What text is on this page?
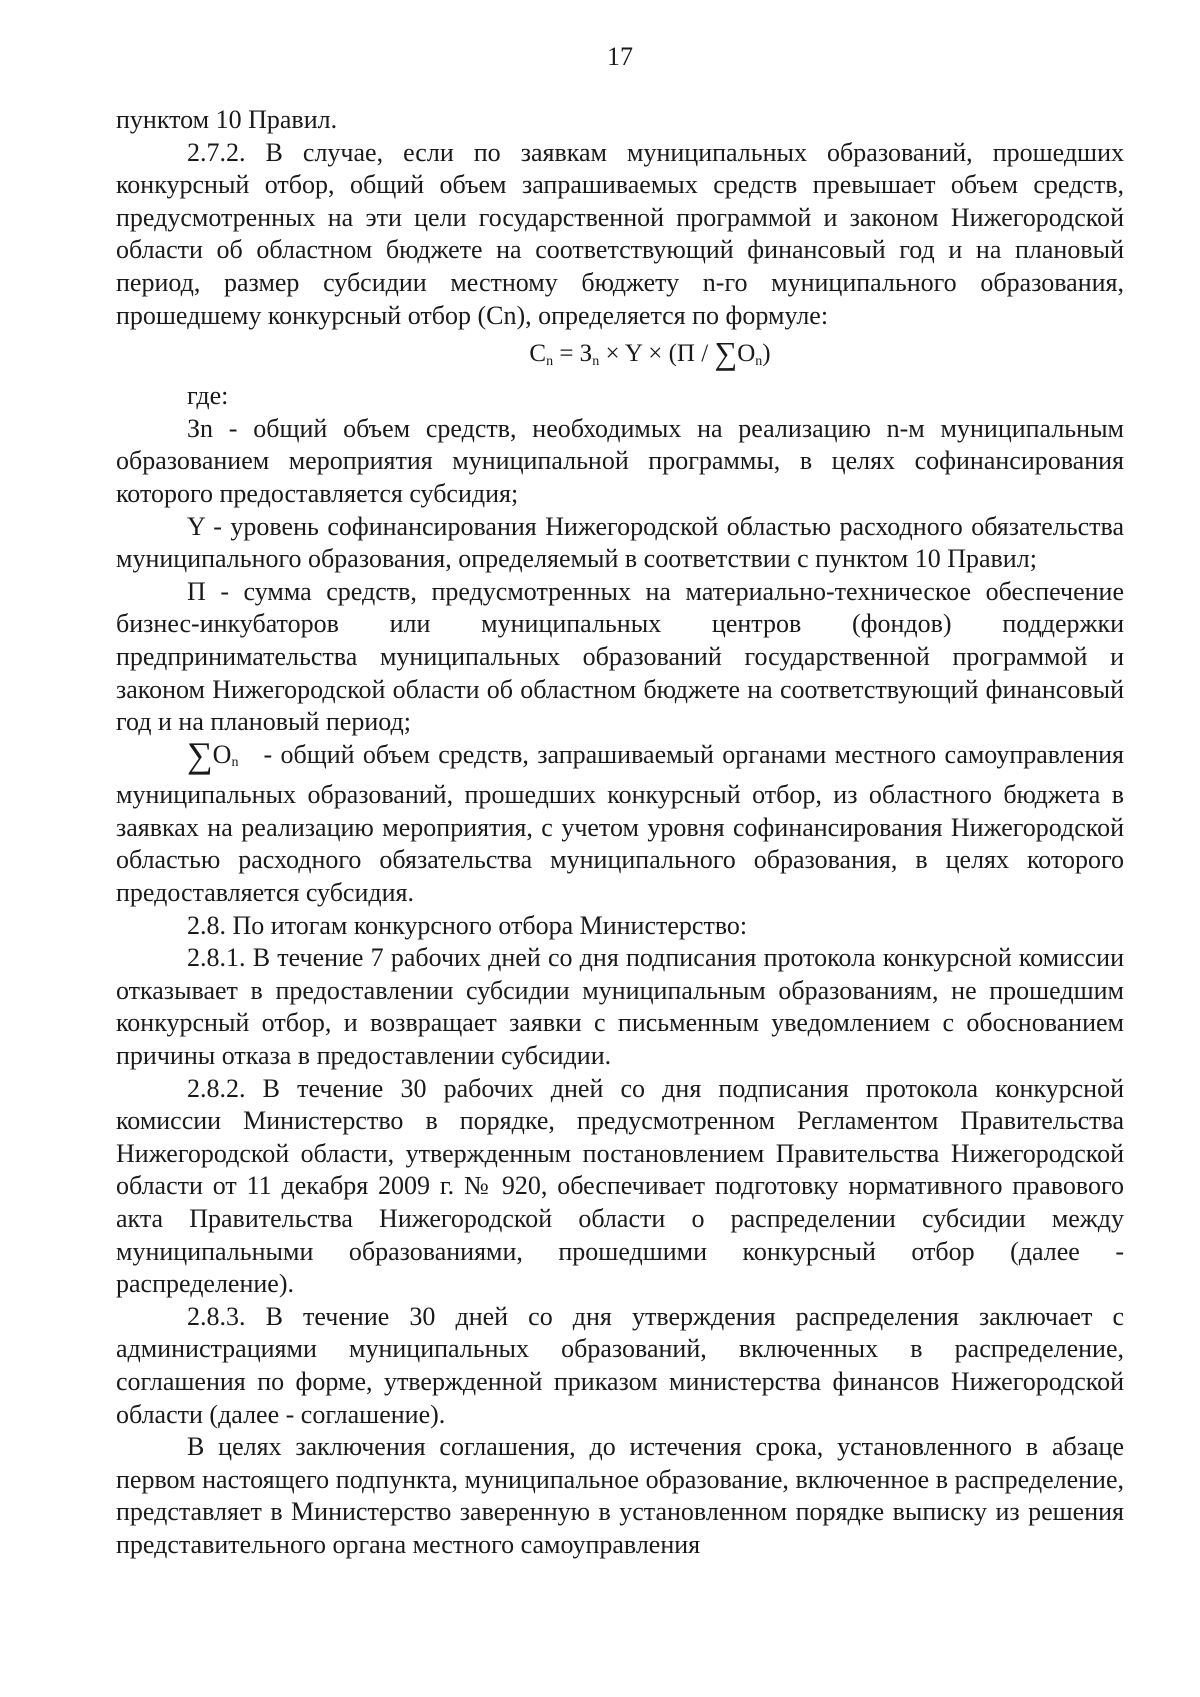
17

пунктом 10 Правил.

2.7.2. В случае, если по заявкам муниципальных образований, прошедших конкурсный отбор, общий объем запрашиваемых средств превышает объем средств, предусмотренных на эти цели государственной программой и законом Нижегородской области об областном бюджете на соответствующий финансовый год и на плановый период, размер субсидии местному бюджету n-го муниципального образования, прошедшему конкурсный отбор (Cn), определяется по формуле:

$C_n = З_n \times Y \times (П / \sum O_n)$

где:

Зn - общий объем средств, необходимых на реализацию n-м муниципальным образованием мероприятия муниципальной программы, в целях софинансирования которого предоставляется субсидия;

Y - уровень софинансирования Нижегородской областью расходного обязательства муниципального образования, определяемый в соответствии с пунктом 10 Правил;

П - сумма средств, предусмотренных на материально-техническое обеспечение бизнес-инкубаторов или муниципальных центров (фондов) поддержки предпринимательства муниципальных образований государственной программой и законом Нижегородской области об областном бюджете на соответствующий финансовый год и на плановый период;

$\sum O_n$ - общий объем средств, запрашиваемый органами местного самоуправления муниципальных образований, прошедших конкурсный отбор, из областного бюджета в заявках на реализацию мероприятия, с учетом уровня софинансирования Нижегородской областью расходного обязательства муниципального образования, в целях которого предоставляется субсидия.

2.8. По итогам конкурсного отбора Министерство:

2.8.1. В течение 7 рабочих дней со дня подписания протокола конкурсной комиссии отказывает в предоставлении субсидии муниципальным образованиям, не прошедшим конкурсный отбор, и возвращает заявки с письменным уведомлением с обоснованием причины отказа в предоставлении субсидии.

2.8.2. В течение 30 рабочих дней со дня подписания протокола конкурсной комиссии Министерство в порядке, предусмотренном Регламентом Правительства Нижегородской области, утвержденным постановлением Правительства Нижегородской области от 11 декабря 2009 г. № 920, обеспечивает подготовку нормативного правового акта Правительства Нижегородской области о распределении субсидии между муниципальными образованиями, прошедшими конкурсный отбор (далее - распределение).

2.8.3. В течение 30 дней со дня утверждения распределения заключает с администрациями муниципальных образований, включенных в распределение, соглашения по форме, утвержденной приказом министерства финансов Нижегородской области (далее - соглашение).

В целях заключения соглашения, до истечения срока, установленного в абзаце первом настоящего подпункта, муниципальное образование, включенное в распределение, представляет в Министерство заверенную в установленном порядке выписку из решения представительного органа местного самоуправления
